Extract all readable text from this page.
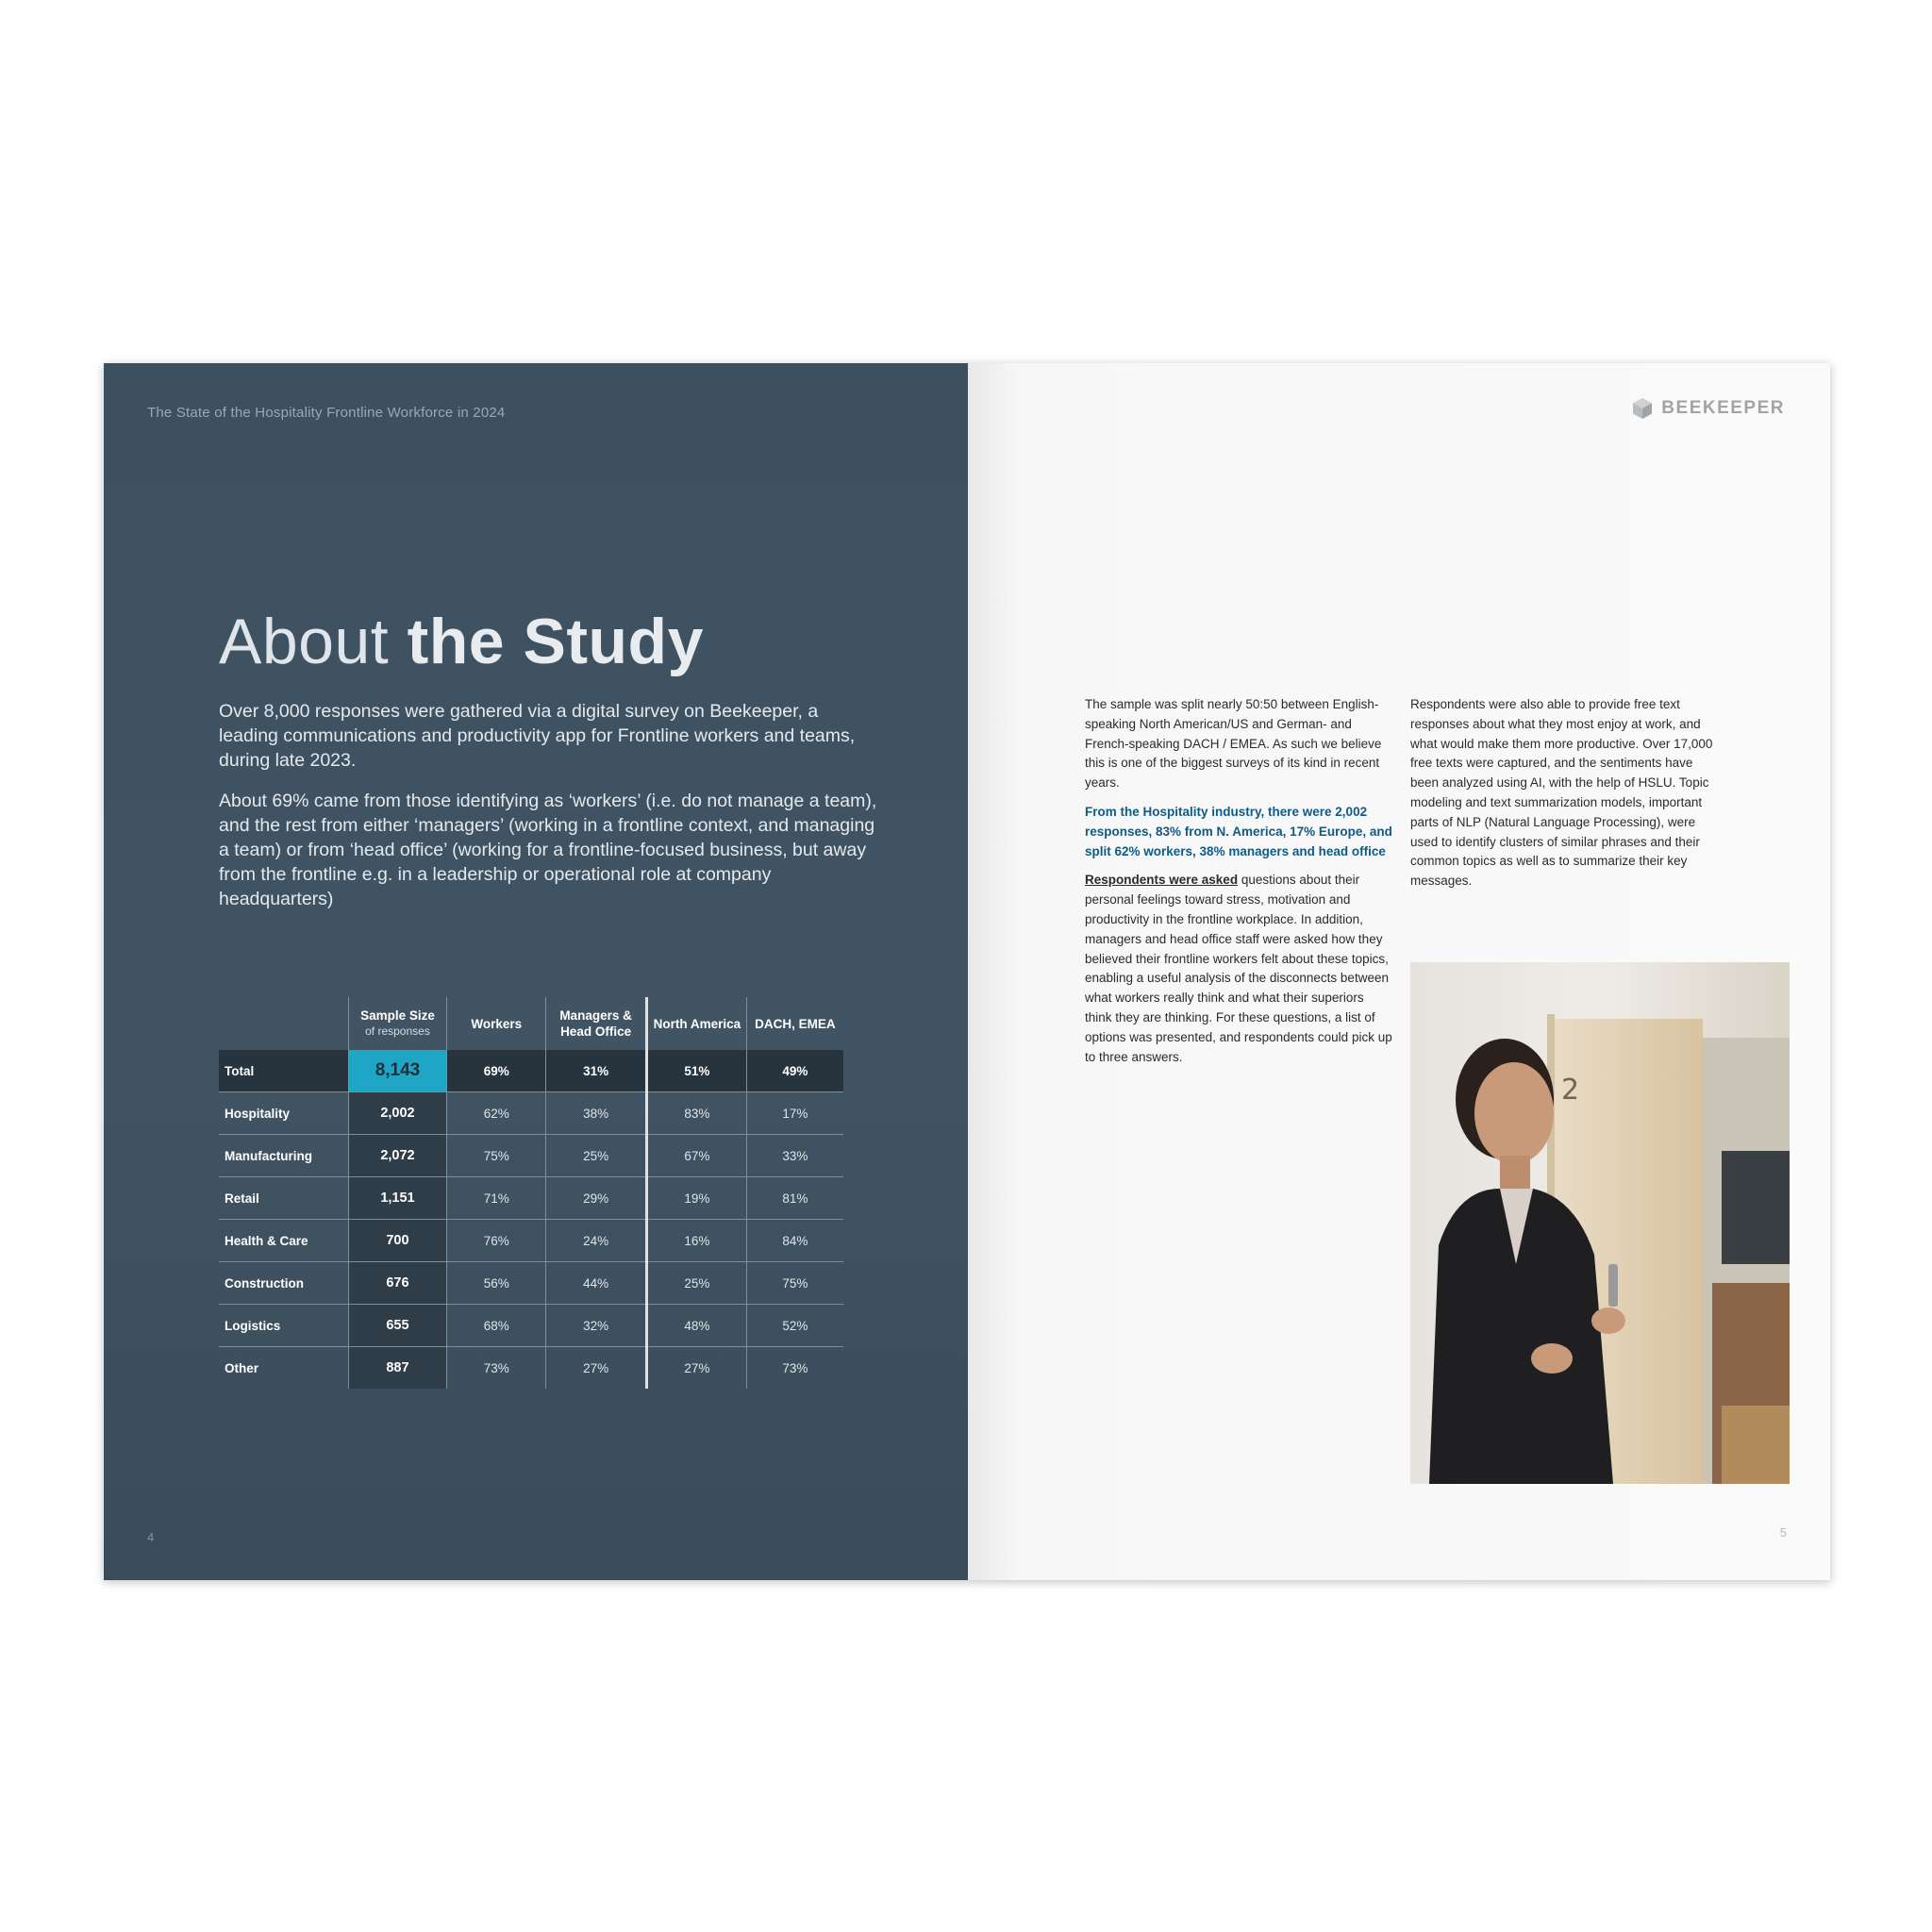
The State of the Hospitality Frontline Workforce in 2024
About the Study

Over 8,000 responses were gathered via a digital survey on Beekeeper, a leading communications and productivity app for Frontline workers and teams, during late 2023.

About 69% came from those identifying as ‘workers’ (i.e. do not manage a team), and the rest from either ‘managers’ (working in a frontline context, and managing a team) or from ‘head office’ (working for a frontline-focused business, but away from the frontline e.g. in a leadership or operational role at company headquarters)

	Sample Size
of responses	Workers	Managers & Head Office	North America	DACH, EMEA
Total	8,143	69%	31%	51%	49%
Hospitality	2,002	62%	38%	83%	17%
Manufacturing	2,072	75%	25%	67%	33%
Retail	1,151	71%	29%	19%	81%
Health & Care	700	76%	24%	16%	84%
Construction	676	56%	44%	25%	75%
Logistics	655	68%	32%	48%	52%
Other	887	73%	27%	27%	73%
4
BEEKEEPER

The sample was split nearly 50:50 between English-speaking North American/US and German- and French-speaking DACH / EMEA. As such we believe this is one of the biggest surveys of its kind in recent years.

From the Hospitality industry, there were 2,002 responses, 83% from N. America, 17% Europe, and split 62% workers, 38% managers and head office

Respondents were asked questions about their personal feelings toward stress, motivation and productivity in the frontline workplace. In addition, managers and head office staff were asked how they believed their frontline workers felt about these topics, enabling a useful analysis of the disconnects between what workers really think and what their superiors think they are thinking. For these questions, a list of options was presented, and respondents could pick up to three answers.

Respondents were also able to provide free text responses about what they most enjoy at work, and what would make them more productive. Over 17,000 free texts were captured, and the sentiments have been analyzed using AI, with the help of HSLU. Topic modeling and text summarization models, important parts of NLP (Natural Language Processing), were used to identify clusters of similar phrases and their common topics as well as to summarize their key messages.

2
5
